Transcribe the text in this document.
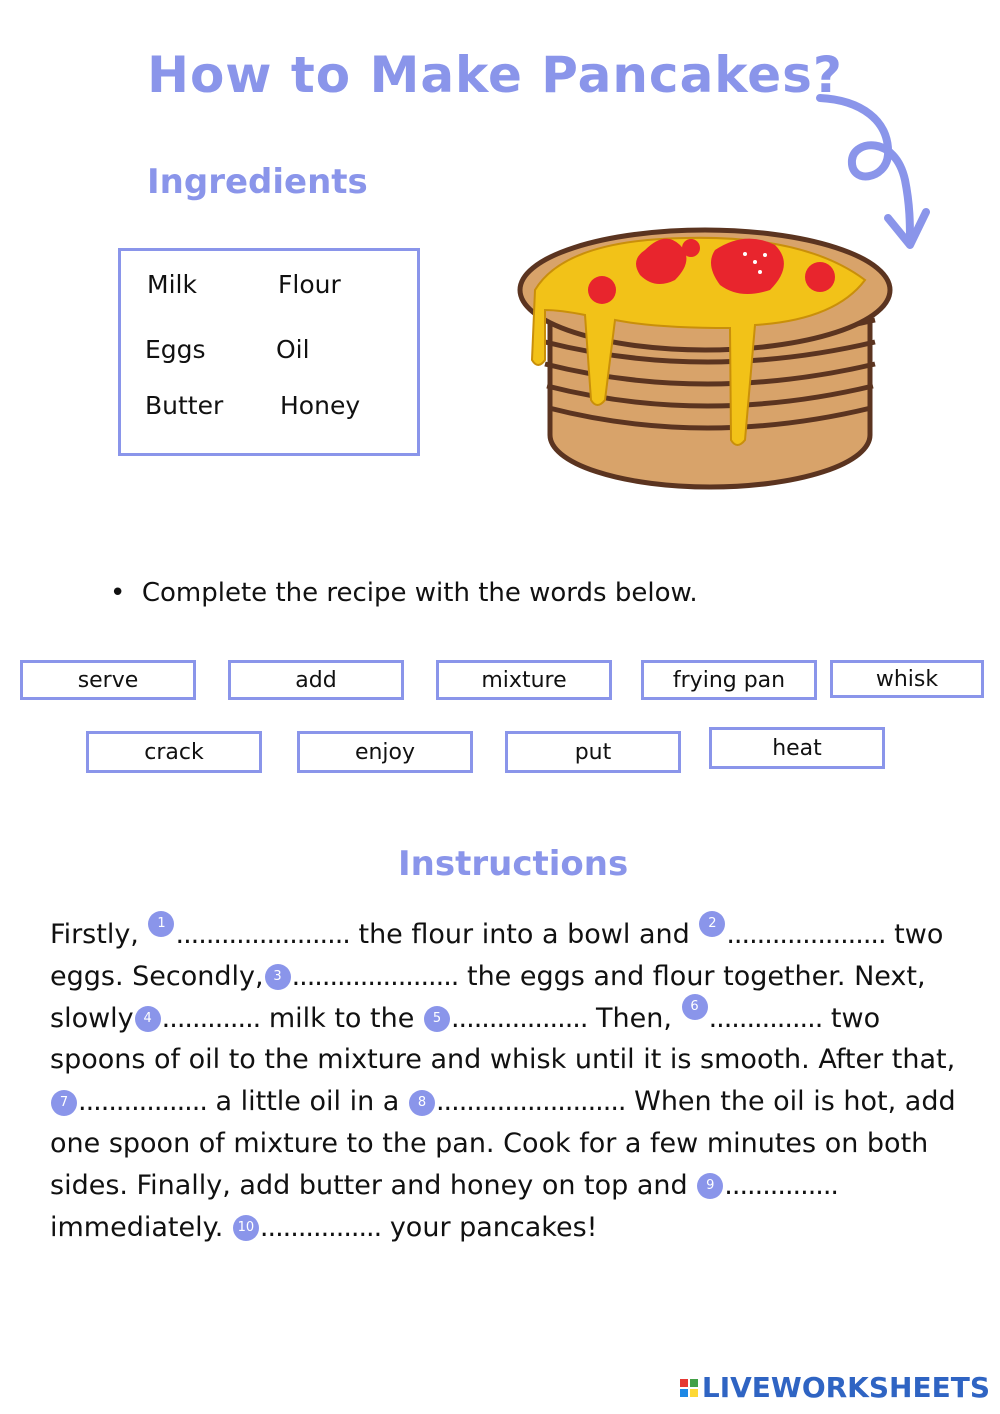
How to Make Pancakes?
Ingredients
Milk	Flour
Eggs	Oil
Butter Honey
•  Complete the recipe with the words below.
serve	add	mixture	frying pan	whisk
crack	enjoy	put	heat
Instructions
Firstly, 1 ....................... the flour into a bowl and 2 ..................... two eggs. Secondly, 3 ...................... the eggs and flour together. Next, slowly 4 ............. milk to the 5 .................. Then, 6 ............... two spoons of oil to the mixture and whisk until it is smooth. After that, 7 ................. a little oil in a 8 ......................... When the oil is hot, add one spoon of mixture to the pan. Cook for a few minutes on both sides. Finally, add butter and honey on top and 9 ............... immediately. 10 ................ your pancakes!
LIVEWORKSHEETS
